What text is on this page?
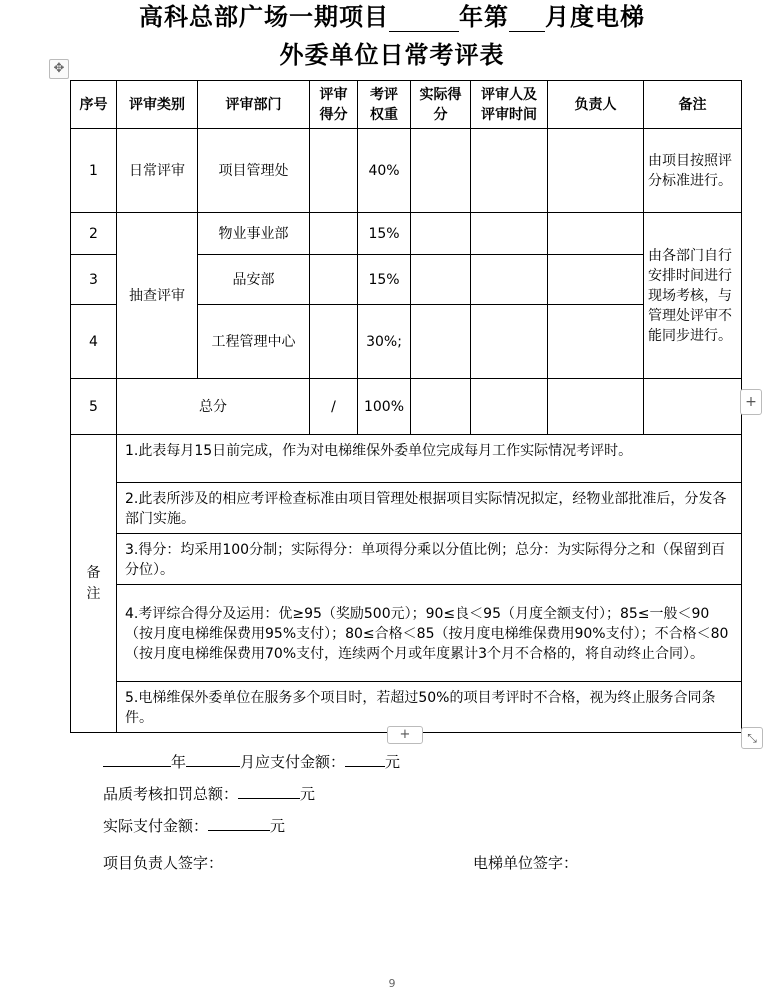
高科总部广场一期项目	年第 月度电梯
外委单位日常考评表
✥
序号	评审类别	评审部门	评审得分	考评权重	实际得分	评审人及评审时间	负责人	备注
1	日常评审	项目管理处		40%				由项目按照评分标准进行。
2	抽查评审	物业事业部		15%				由各部门自行安排时间进行现场考核，与管理处评审不能同步进行。
3		品安部		15%				
4		工程管理中心		30%;				
5	总分		/	100%				
备注	1.此表每月15日前完成，作为对电梯维保外委单位完成每月工作实际情况考评时。							
	2.此表所涉及的相应考评检查标准由项目管理处根据项目实际情况拟定，经物业部批准后，分发各部门实施。							
	3.得分：均采用100分制；实际得分：单项得分乘以分值比例；总分：为实际得分之和（保留到百分位）。							
	4.考评综合得分及运用：优≥95（奖励500元）；90≤良＜95（月度全额支付）；85≤一般＜90（按月度电梯维保费用95%支付）；80≤合格＜85（按月度电梯维保费用90%支付）；不合格＜80（按月度电梯维保费用70%支付，连续两个月或年度累计3个月不合格的，将自动终止合同）。							
	5.电梯维保外委单位在服务多个项目时，若超过50%的项目考评时不合格，视为终止服务合同条件。							
+
+	⤡
年	月应支付金额：	元
品质考核扣罚总额：	元
实际支付金额：	元
项目负责人签字：	电梯单位签字：
9
